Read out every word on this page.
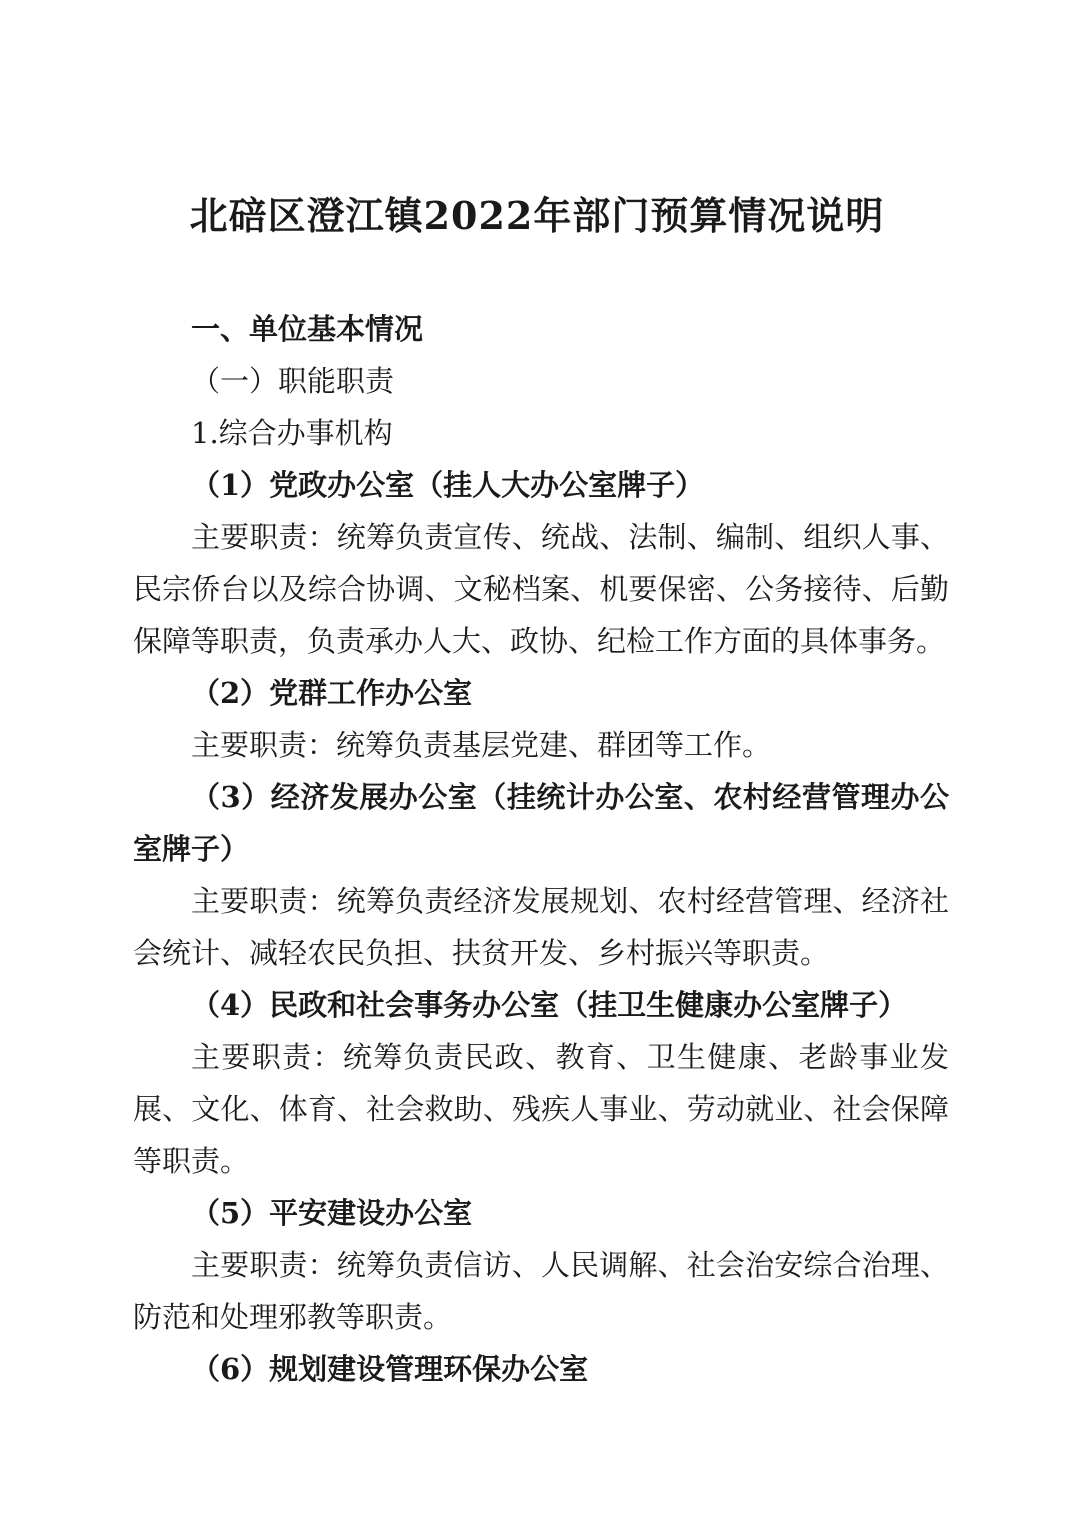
北碚区澄江镇2022年部门预算情况说明

一、单位基本情况

（一）职能职责

1.综合办事机构

（1）党政办公室（挂人大办公室牌子）

主要职责：统筹负责宣传、统战、法制、编制、组织人事、民宗侨台以及综合协调、文秘档案、机要保密、公务接待、后勤保障等职责，负责承办人大、政协、纪检工作方面的具体事务。

（2）党群工作办公室

主要职责：统筹负责基层党建、群团等工作。

（3）经济发展办公室（挂统计办公室、农村经营管理办公室牌子）

主要职责：统筹负责经济发展规划、农村经营管理、经济社会统计、减轻农民负担、扶贫开发、乡村振兴等职责。

（4）民政和社会事务办公室（挂卫生健康办公室牌子）

主要职责：统筹负责民政、教育、卫生健康、老龄事业发展、文化、体育、社会救助、残疾人事业、劳动就业、社会保障等职责。

（5）平安建设办公室

主要职责：统筹负责信访、人民调解、社会治安综合治理、防范和处理邪教等职责。

（6）规划建设管理环保办公室
